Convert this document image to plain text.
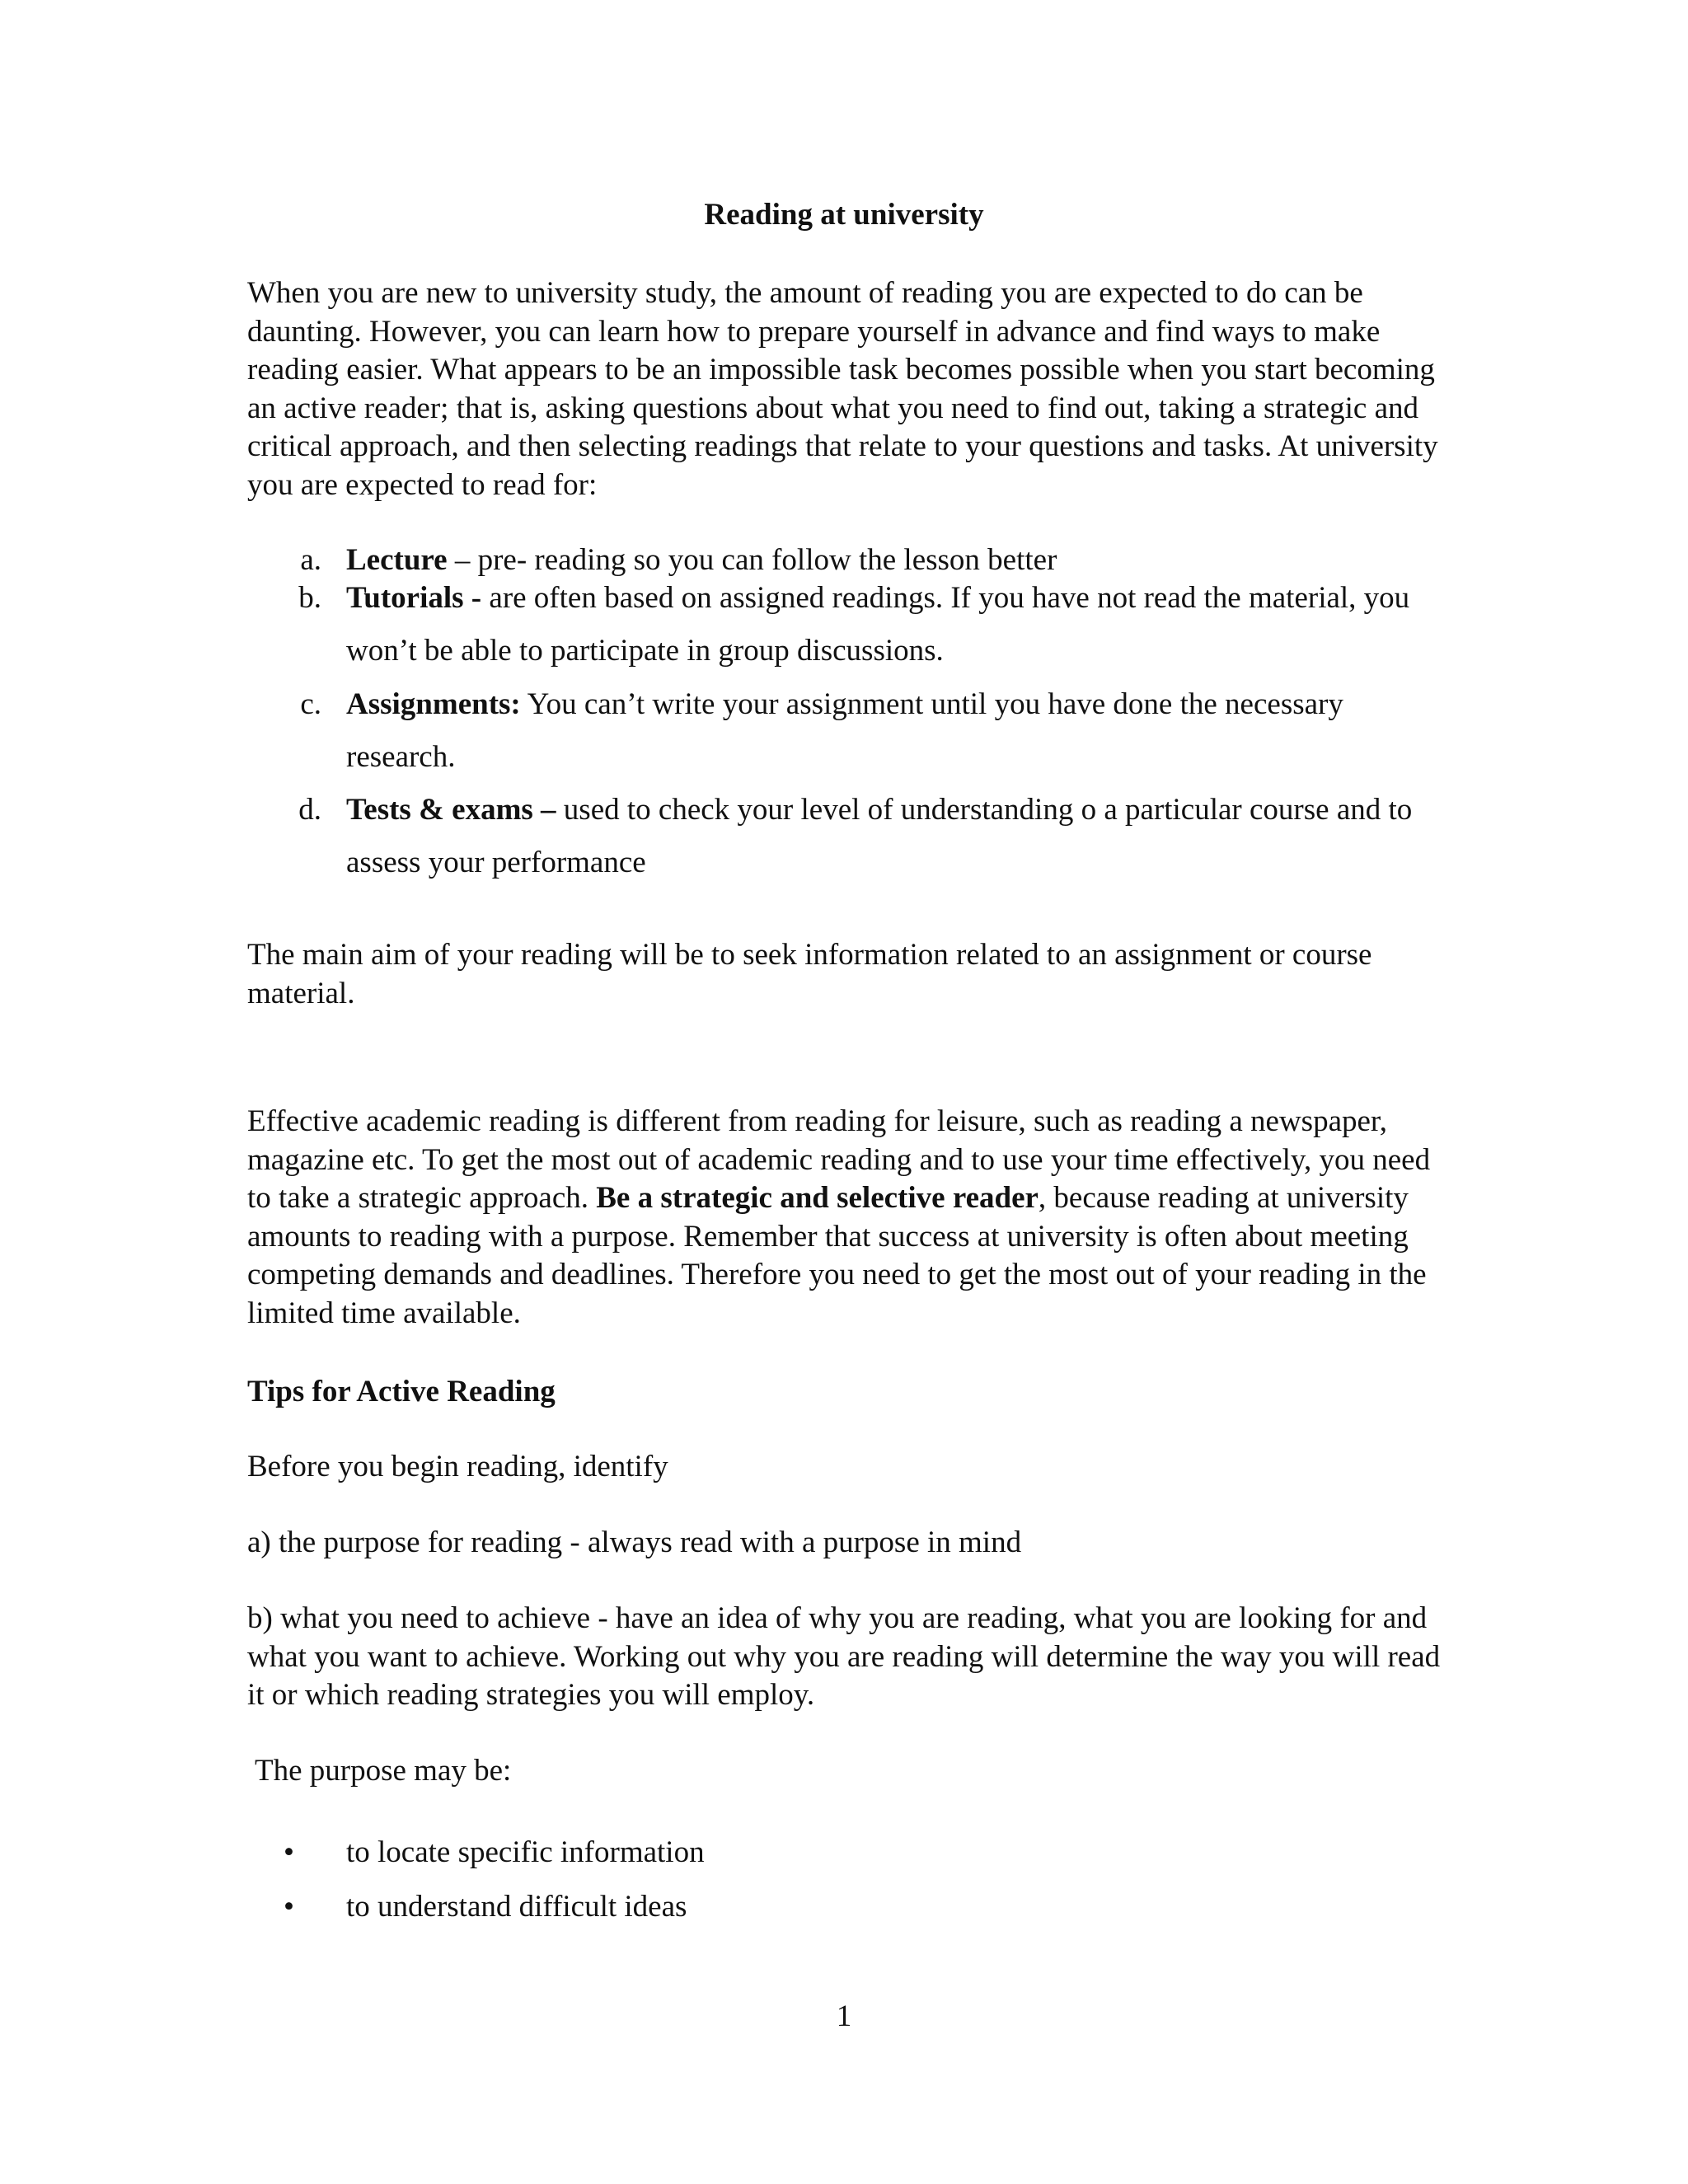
Reading at university

When you are new to university study, the amount of reading you are expected to do can be daunting. However, you can learn how to prepare yourself in advance and find ways to make reading easier. What appears to be an impossible task becomes possible when you start becoming an active reader; that is, asking questions about what you need to find out, taking a strategic and critical approach, and then selecting readings that relate to your questions and tasks. At university you are expected to read for:

a. Lecture – pre- reading so you can follow the lesson better
b. Tutorials - are often based on assigned readings. If you have not read the material, you won’t be able to participate in group discussions.
c. Assignments: You can’t write your assignment until you have done the necessary research.
d. Tests & exams – used to check your level of understanding o a particular course and to assess your performance

The main aim of your reading will be to seek information related to an assignment or course material.

Effective academic reading is different from reading for leisure, such as reading a newspaper, magazine etc. To get the most out of academic reading and to use your time effectively, you need to take a strategic approach. Be a strategic and selective reader, because reading at university amounts to reading with a purpose. Remember that success at university is often about meeting competing demands and deadlines. Therefore you need to get the most out of your reading in the limited time available.

Tips for Active Reading

Before you begin reading, identify

a) the purpose for reading - always read with a purpose in mind

b) what you need to achieve - have an idea of why you are reading, what you are looking for and what you want to achieve. Working out why you are reading will determine the way you will read it or which reading strategies you will employ.

The purpose may be:

•	to locate specific information
•	to understand difficult ideas
1
